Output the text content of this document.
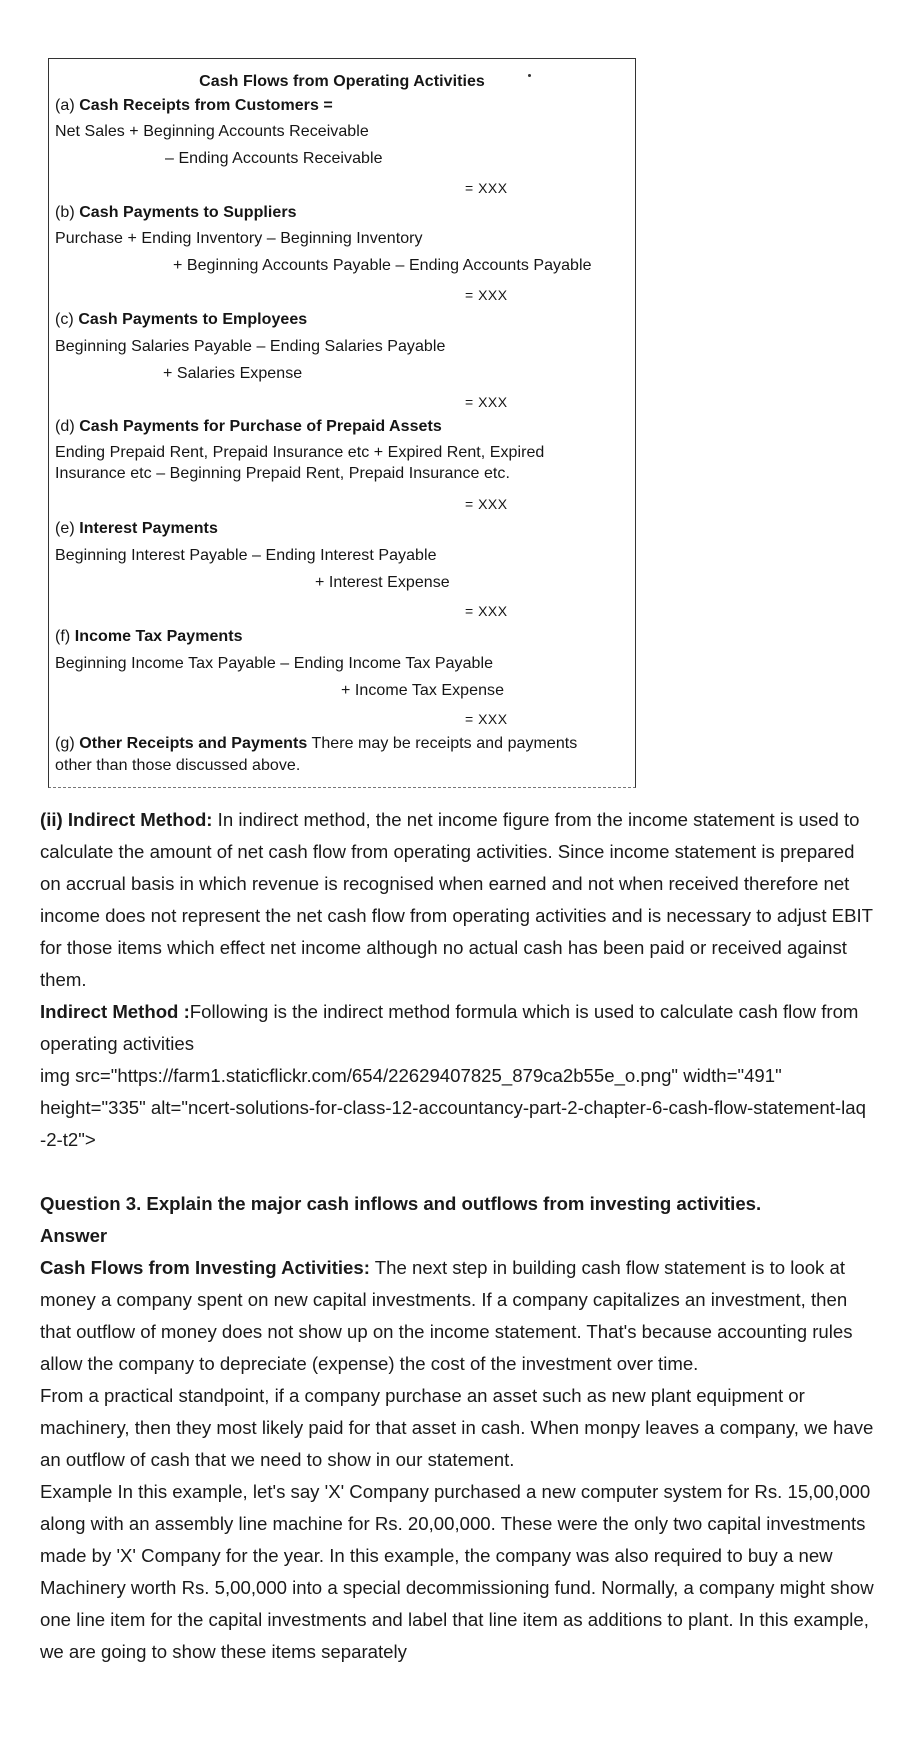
Cash Flows from Operating Activities
(a) Cash Receipts from Customers =
Net Sales + Beginning Accounts Receivable
– Ending Accounts Receivable
= XXX
(b) Cash Payments to Suppliers
Purchase + Ending Inventory – Beginning Inventory
+ Beginning Accounts Payable – Ending Accounts Payable
= XXX
(c) Cash Payments to Employees
Beginning Salaries Payable – Ending Salaries Payable
+ Salaries Expense
= XXX
(d) Cash Payments for Purchase of Prepaid Assets
Ending Prepaid Rent, Prepaid Insurance etc + Expired Rent, Expired
Insurance etc – Beginning Prepaid Rent, Prepaid Insurance etc.
= XXX
(e) Interest Payments
Beginning Interest Payable – Ending Interest Payable
+ Interest Expense
= XXX
(f) Income Tax Payments
Beginning Income Tax Payable – Ending Income Tax Payable
+ Income Tax Expense
= XXX
(g) Other Receipts and Payments There may be receipts and payments
other than those discussed above.

(ii) Indirect Method: In indirect method, the net income figure from the income statement is used to calculate the amount of net cash flow from operating activities. Since income statement is prepared on accrual basis in which revenue is recognised when earned and not when received therefore net income does not represent the net cash flow from operating activities and is necessary to adjust EBIT for those items which effect net income although no actual cash has been paid or received against them.

Indirect Method :Following is the indirect method formula which is used to calculate cash flow from operating activities

img src="https://farm1.staticflickr.com/654/22629407825_879ca2b55e_o.png" width="491" height="335" alt="ncert-solutions-for-class-12-accountancy-part-2-chapter-6-cash-flow-statement-laq -2-t2">

Question 3. Explain the major cash inflows and outflows from investing activities.

Answer

Cash Flows from Investing Activities: The next step in building cash flow statement is to look at money a company spent on new capital investments. If a company capitalizes an investment, then that outflow of money does not show up on the income statement. That's because accounting rules allow the company to depreciate (expense) the cost of the investment over time.

From a practical standpoint, if a company purchase an asset such as new plant equipment or machinery, then they most likely paid for that asset in cash. When monpy leaves a company, we have an outflow of cash that we need to show in our statement.

Example In this example, let's say 'X' Company purchased a new computer system for Rs. 15,00,000 along with an assembly line machine for Rs. 20,00,000. These were the only two capital investments made by 'X' Company for the year. In this example, the company was also required to buy a new Machinery worth Rs. 5,00,000 into a special decommissioning fund. Normally, a company might show one line item for the capital investments and label that line item as additions to plant. In this example, we are going to show these items separately
